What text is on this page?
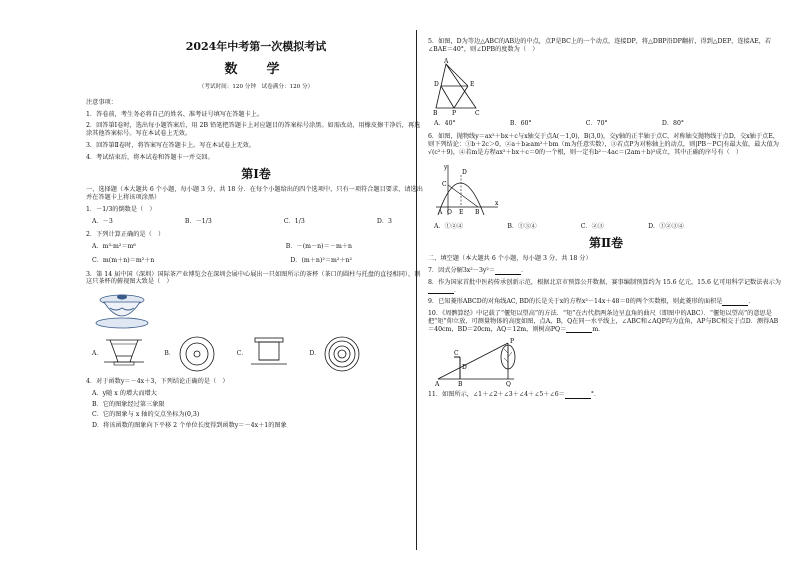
2024年中考第一次模拟考试
数　学
（考试时间：120 分钟　试卷满分：120 分）
注意事项：
1．答卷前，考生务必将自己的姓名、准考证号填写在答题卡上。
2．回答第Ⅰ卷时，选出每小题答案后，用 2B 铅笔把答题卡上对应题目的答案标号涂黑。如需改动，用橡皮擦干净后，再选涂其他答案标号。写在本试卷上无效。
3．回答第Ⅱ卷时，将答案写在答题卡上。写在本试卷上无效。
4．考试结束后，将本试卷和答题卡一并交回。
第Ⅰ卷
一、选择题（本大题共 6 个小题，每小题 3 分，共 18 分．在每个小题给出的四个选项中，只有一项符合题目要求，请选出并在答题卡上将该项涂黑）
1．－1/3的倒数是（　）
A．－3	B．－1/3	C．1/3	D．3
2．下列计算正确的是（　）
A．m³·m²＝m⁶	B．－(m－n)＝－m＋n
C．m(m＋n)＝m²＋n	D．(m＋n)²＝m²＋n²
3．第 14 届中国（深圳）国际茶产业博览会在深圳会展中心展出一只如图所示的茶杯（茶口的圆柱与托盘的直径相同），则这只茶杯的俯视图大致是（　）
A．	B．	C．	D．
4．对于函数y＝－4x＋3，下列结论正确的是（　）
A．y随 x 的增大而增大
B．它的图象经过第三象限
C．它的图象与 x 轴的交点坐标为(0,3)
D．将该函数的图象向下平移 2 个单位长度得到函数y＝－4x＋1的图象
5．如图，D为等边△ABC的AB边的中点，点P是BC上的一个动点，连接DP，将△DBP沿DP翻折，得到△DEP，连接AE，若∠BAE＝40°，则∠DPB的度数为（　）
A
D	E
B P	C
A．40°	B．60°	C．70°	D．80°
6．如图，抛物线y＝ax²＋bx＋c与x轴交于点A(－1,0)，B(3,0)，交y轴的正半轴于点C，对称轴交抛物线于点D，交x轴于点E，则下列结论：①b＋2c＞0，②a＋b≥am²＋bm（m为任意实数），③若点P为对称轴上的动点，则|PB－PC|有最大值，最大值为√(c²＋9)，④若m是方程ax²＋bx＋c＝0的一个根，则一定有b²－4ac＝(2am＋b)²成立，其中正确的序号有（　）
y
D
C
A O E B
x
A．①②④	B．①③④	C．②③	D．①②③④
第Ⅱ卷
二、填空题（本大题共 6 个小题，每小题 3 分，共 18 分）
7．因式分解3x²－3y²＝	．
8．作为国家首批中医药传承创新示范，根据北京市预算公开数据，赛事编制预算约为 15.6 亿元，15.6 亿可用科学记数法表示为．
9．已知菱形ABCD的对角线AC, BD的长是关于x的方程x²－14x＋48＝0的两个实数根，则此菱形的面积是	．
10．《周髀算经》中记载了“偃矩以望高”的方法．“矩”在古代指两条边呈直角的曲尺（即图中的ABC）．“偃矩以望高”的意思是把“矩”仰立放，可测量物体的高度如图，点A，B，Q在同一水平线上，∠ABC和∠AQP均为直角，AP与BC相交于点D．测得AB＝40cm，BD＝20cm，AQ＝12m，则树高PQ＝	m．
P
C
D
A	B	Q
11．如图所示，∠1＋∠2＋∠3＋∠4＋∠5＋∠6＝	°．
